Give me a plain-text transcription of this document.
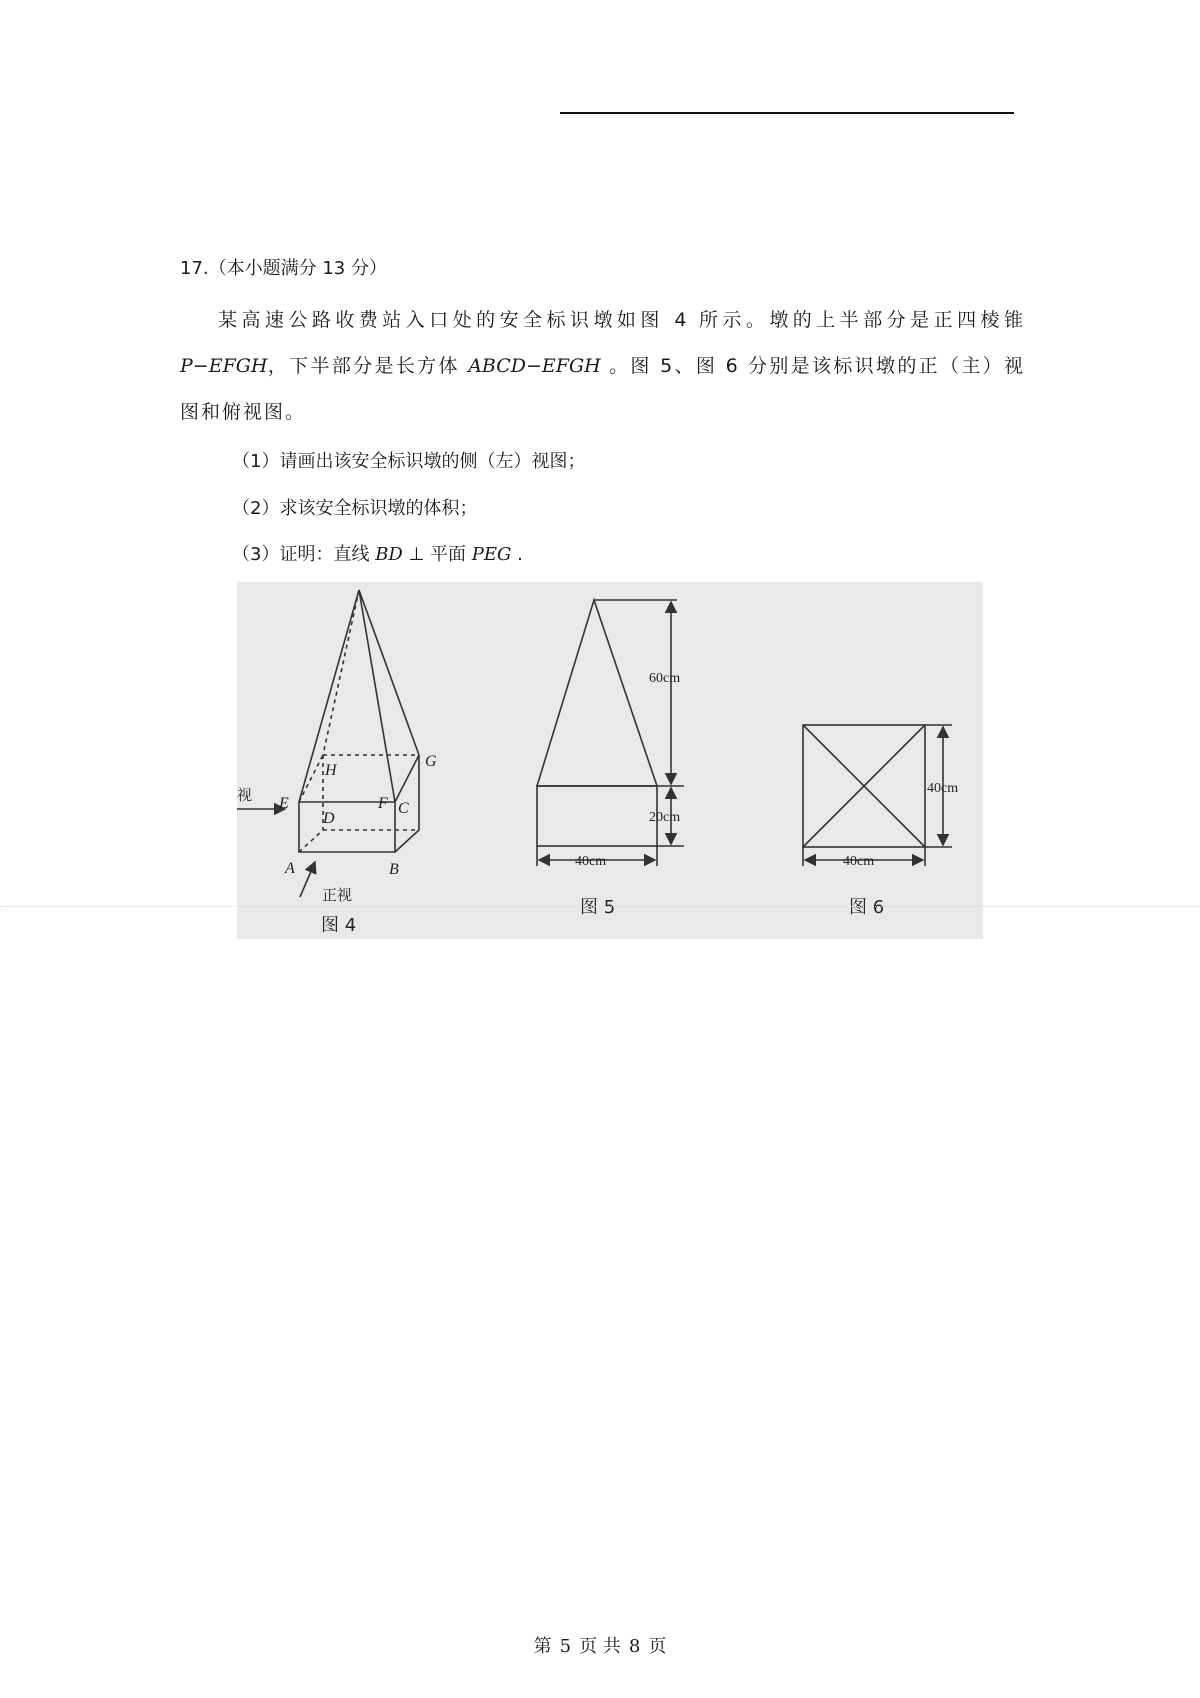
17.（本小题满分 13 分）
某高速公路收费站入口处的安全标识墩如图 4 所示。墩的上半部分是正四棱锥 P−EFGH，下半部分是长方体 ABCD−EFGH 。图 5、图 6 分别是该标识墩的正（主）视图和俯视图。
（1）请画出该安全标识墩的侧（左）视图；
（2）求该安全标识墩的体积；
（3）证明：直线 BD ⊥ 平面 PEG .
E	F C
G
H
D
A	B
视
正视
图 4
60cm
20cm
40cm
图 5
40cm
40cm
图 6
第 5 页 共 8 页
